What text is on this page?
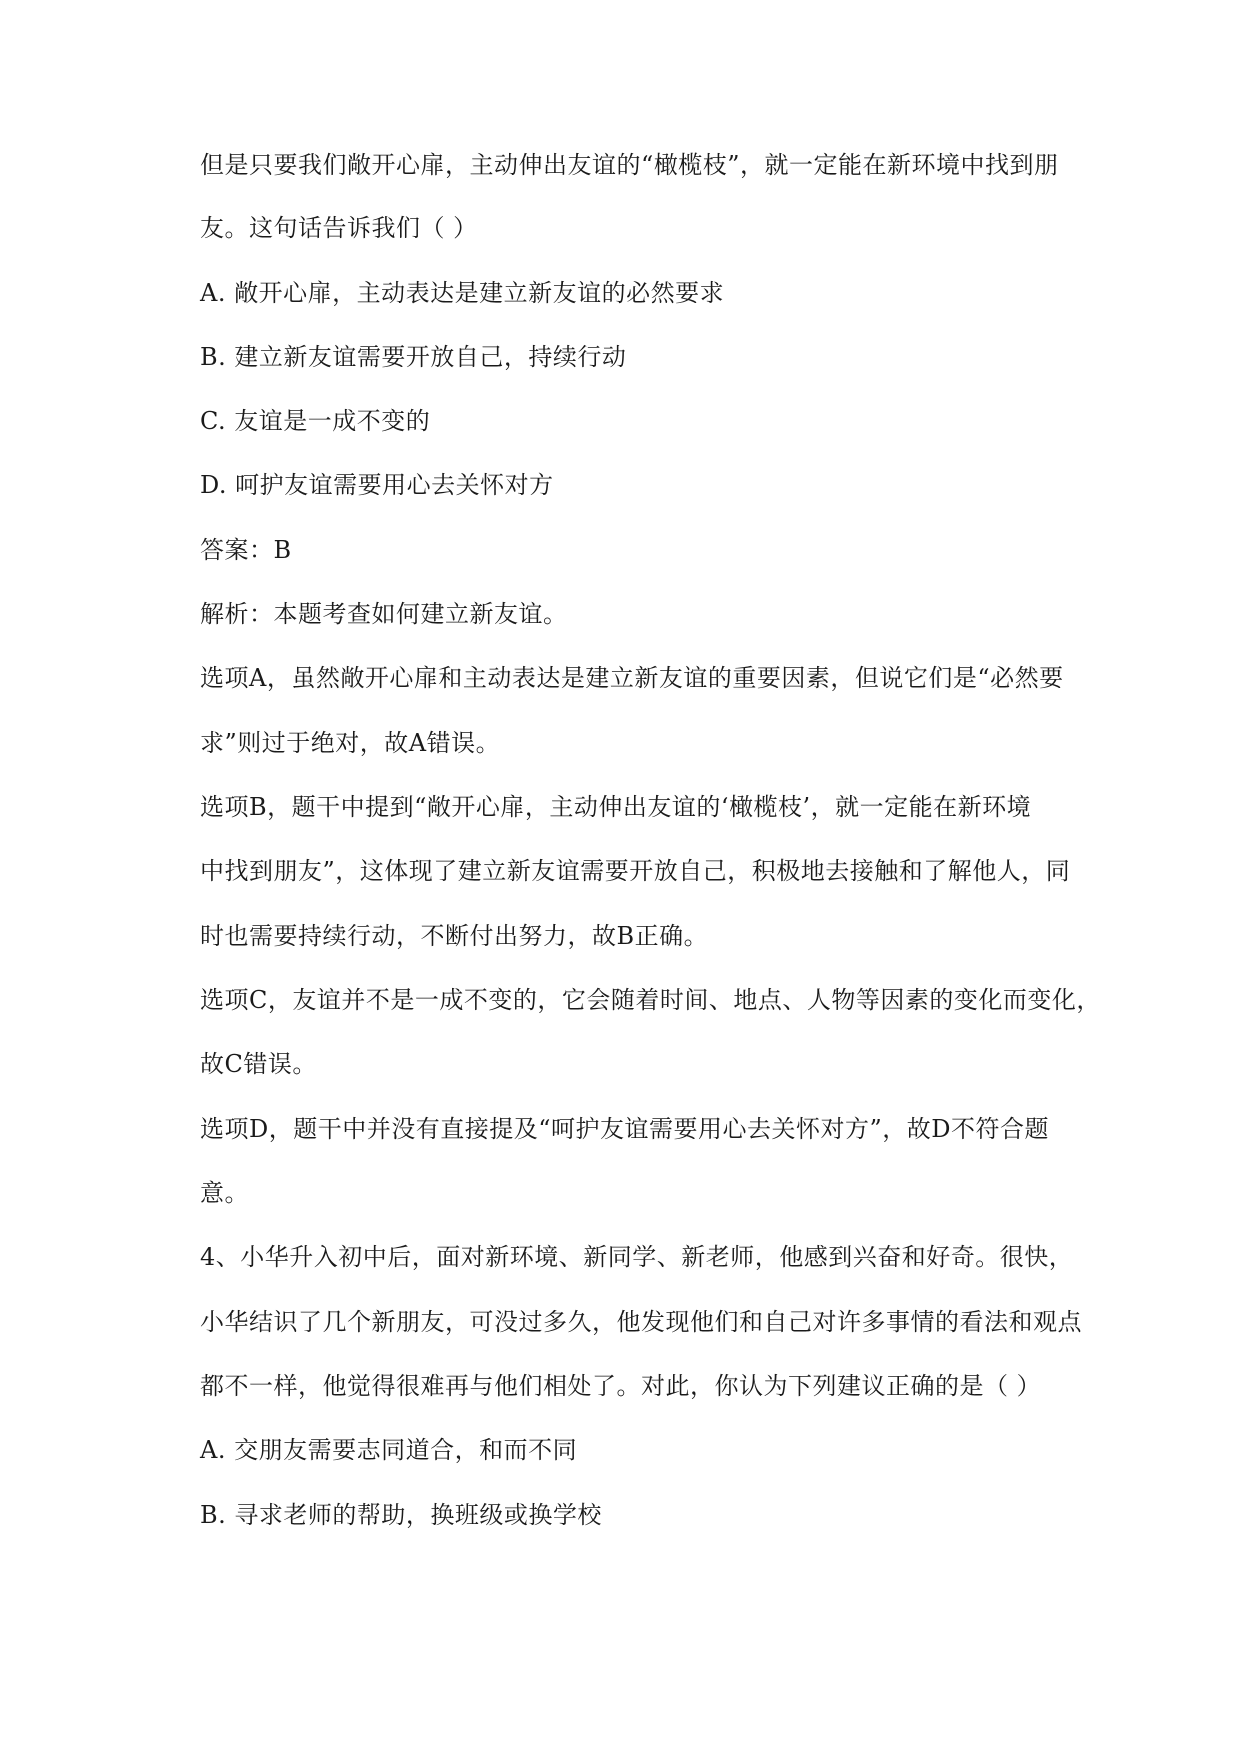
但是只要我们敞开心扉，主动伸出友谊的“橄榄枝”，就一定能在新环境中找到朋
友。这句话告诉我们（ ）
A. 敞开心扉，主动表达是建立新友谊的必然要求
B. 建立新友谊需要开放自己，持续行动
C. 友谊是一成不变的
D. 呵护友谊需要用心去关怀对方
答案：B
解析：本题考查如何建立新友谊。
选项A，虽然敞开心扉和主动表达是建立新友谊的重要因素，但说它们是“必然要
求”则过于绝对，故A错误。
选项B，题干中提到“敞开心扉，主动伸出友谊的‘橄榄枝’，就一定能在新环境
中找到朋友”，这体现了建立新友谊需要开放自己，积极地去接触和了解他人，同
时也需要持续行动，不断付出努力，故B正确。
选项C，友谊并不是一成不变的，它会随着时间、地点、人物等因素的变化而变化，
故C错误。
选项D，题干中并没有直接提及“呵护友谊需要用心去关怀对方”，故D不符合题
意。
4、小华升入初中后，面对新环境、新同学、新老师，他感到兴奋和好奇。很快，
小华结识了几个新朋友，可没过多久，他发现他们和自己对许多事情的看法和观点
都不一样，他觉得很难再与他们相处了。对此，你认为下列建议正确的是（ ）
A. 交朋友需要志同道合，和而不同
B. 寻求老师的帮助，换班级或换学校
